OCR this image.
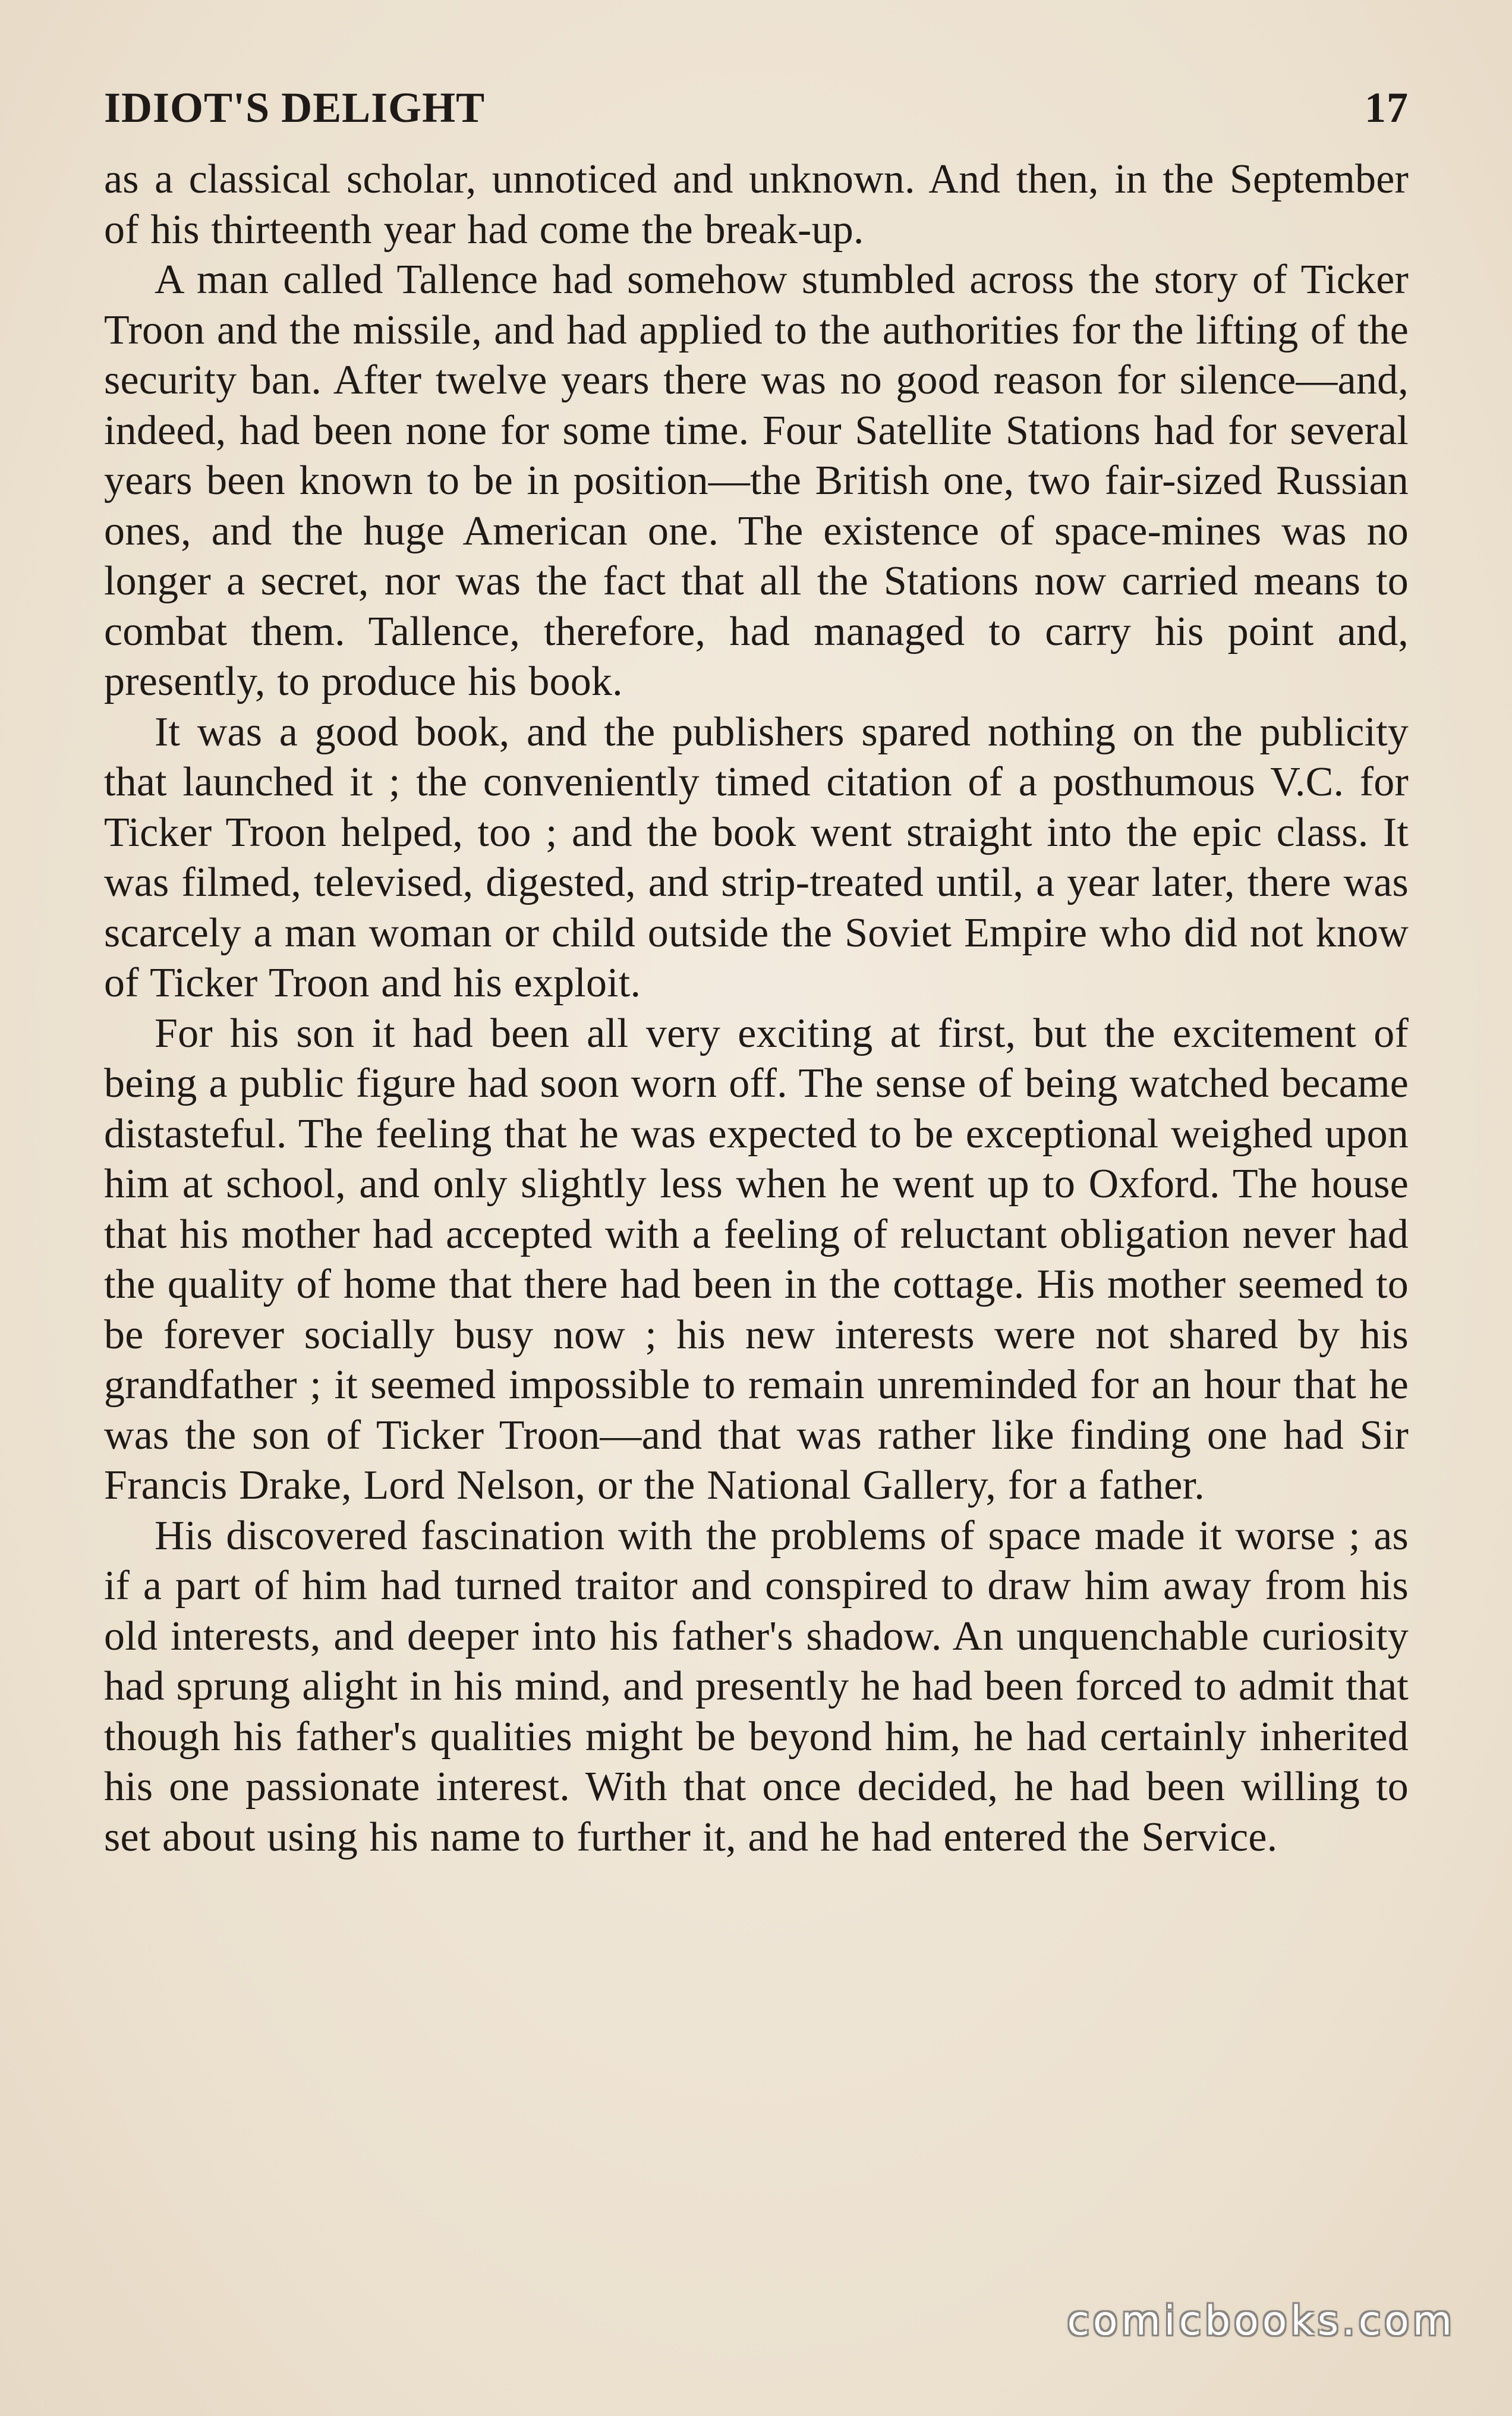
IDIOT'S DELIGHT	17

as a classical scholar, unnoticed and unknown. And then, in the September of his thirteenth year had come the break-up.

A man called Tallence had somehow stumbled across the story of Ticker Troon and the missile, and had applied to the authorities for the lifting of the security ban. After twelve years there was no good reason for silence—and, indeed, had been none for some time. Four Satellite Stations had for several years been known to be in position—the British one, two fair-sized Russian ones, and the huge American one. The existence of space-mines was no longer a secret, nor was the fact that all the Stations now carried means to combat them. Tallence, therefore, had managed to carry his point and, presently, to produce his book.

It was a good book, and the publishers spared nothing on the publicity that launched it ; the conveniently timed citation of a posthumous V.C. for Ticker Troon helped, too ; and the book went straight into the epic class. It was filmed, televised, digested, and strip-treated until, a year later, there was scarcely a man woman or child outside the Soviet Empire who did not know of Ticker Troon and his exploit.

For his son it had been all very exciting at first, but the excitement of being a public figure had soon worn off. The sense of being watched became distasteful. The feeling that he was expected to be exceptional weighed upon him at school, and only slightly less when he went up to Oxford. The house that his mother had accepted with a feeling of reluctant obligation never had the quality of home that there had been in the cottage. His mother seemed to be forever socially busy now ; his new interests were not shared by his grandfather ; it seemed impossible to remain unreminded for an hour that he was the son of Ticker Troon—and that was rather like finding one had Sir Francis Drake, Lord Nelson, or the National Gallery, for a father.

His discovered fascination with the problems of space made it worse ; as if a part of him had turned traitor and conspired to draw him away from his old interests, and deeper into his father's shadow. An unquenchable curiosity had sprung alight in his mind, and presently he had been forced to admit that though his father's qualities might be beyond him, he had certainly inherited his one passionate interest. With that once decided, he had been willing to set about using his name to further it, and he had entered the Service.

comicbooks.com
